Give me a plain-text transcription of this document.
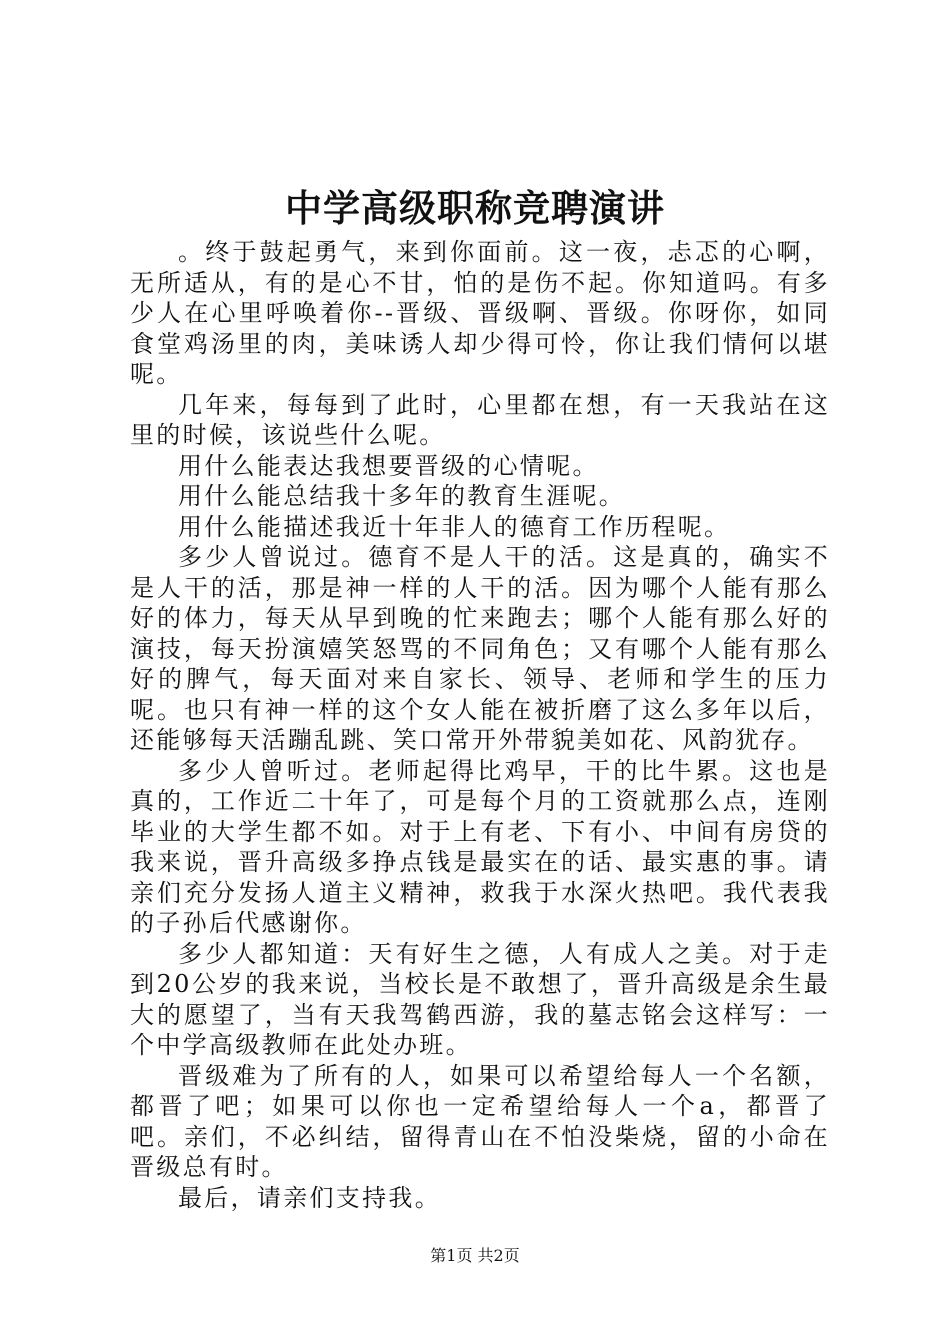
中学高级职称竞聘演讲

。终于鼓起勇气，来到你面前。这一夜，忐忑的心啊，无所适从，有的是心不甘，怕的是伤不起。你知道吗。有多少人在心里呼唤着你--晋级、晋级啊、晋级。你呀你，如同食堂鸡汤里的肉，美味诱人却少得可怜，你让我们情何以堪呢。

几年来，每每到了此时，心里都在想，有一天我站在这里的时候，该说些什么呢。

用什么能表达我想要晋级的心情呢。

用什么能总结我十多年的教育生涯呢。

用什么能描述我近十年非人的德育工作历程呢。

多少人曾说过。德育不是人干的活。这是真的，确实不是人干的活，那是神一样的人干的活。因为哪个人能有那么好的体力，每天从早到晚的忙来跑去；哪个人能有那么好的演技，每天扮演嬉笑怒骂的不同角色；又有哪个人能有那么好的脾气，每天面对来自家长、领导、老师和学生的压力呢。也只有神一样的这个女人能在被折磨了这么多年以后，还能够每天活蹦乱跳、笑口常开外带貌美如花、风韵犹存。

多少人曾听过。老师起得比鸡早，干的比牛累。这也是真的，工作近二十年了，可是每个月的工资就那么点，连刚毕业的大学生都不如。对于上有老、下有小、中间有房贷的我来说，晋升高级多挣点钱是最实在的话、最实惠的事。请亲们充分发扬人道主义精神，救我于水深火热吧。我代表我的子孙后代感谢你。

多少人都知道：天有好生之德，人有成人之美。对于走到20公岁的我来说，当校长是不敢想了，晋升高级是余生最大的愿望了，当有天我驾鹤西游，我的墓志铭会这样写：一个中学高级教师在此处办班。

晋级难为了所有的人，如果可以希望给每人一个名额，都晋了吧；如果可以你也一定希望给每人一个a，都晋了吧。亲们，不必纠结，留得青山在不怕没柴烧，留的小命在晋级总有时。

最后，请亲们支持我。

第1页 共2页
